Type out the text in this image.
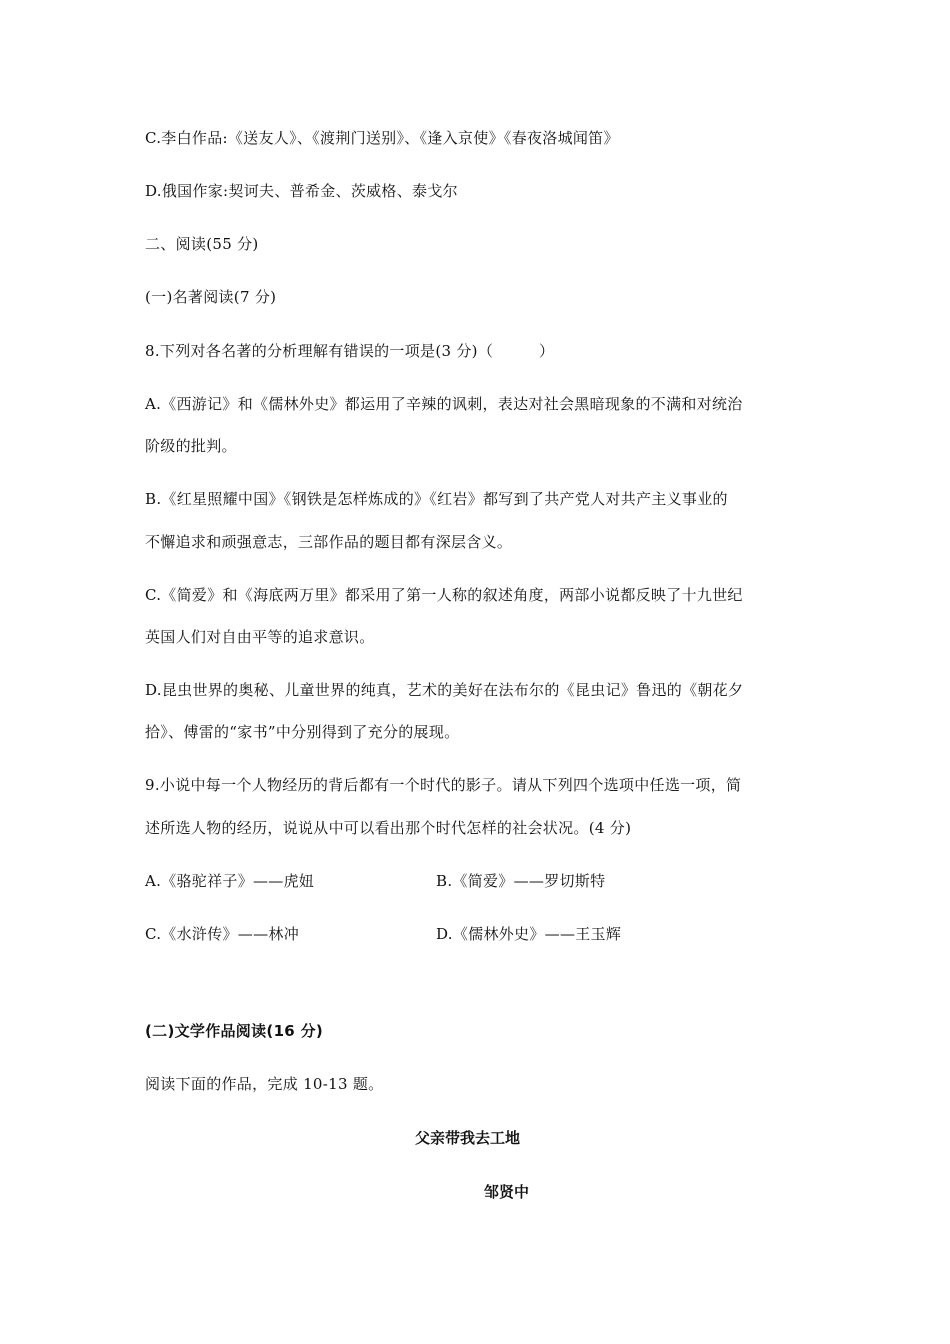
C.李白作品:《送友人》、《渡荆门送别》、《逢入京使》《春夜洛城闻笛》
D.俄国作家:契诃夫、普希金、茨威格、泰戈尔
二、阅读(55 分)
(一)名著阅读(7 分)
8.下列对各名著的分析理解有错误的一项是(3 分)（　　　）
A.《西游记》和《儒林外史》都运用了辛辣的讽刺，表达对社会黑暗现象的不满和对统治
阶级的批判。
B.《红星照耀中国》《钢铁是怎样炼成的》《红岩》都写到了共产党人对共产主义事业的
不懈追求和顽强意志，三部作品的题目都有深层含义。
C.《简爱》和《海底两万里》都采用了第一人称的叙述角度，两部小说都反映了十九世纪
英国人们对自由平等的追求意识。
D.昆虫世界的奥秘、儿童世界的纯真，艺术的美好在法布尔的《昆虫记》鲁迅的《朝花夕
拾》、傅雷的“家书”中分别得到了充分的展现。
9.小说中每一个人物经历的背后都有一个时代的影子。请从下列四个选项中任选一项，简
述所选人物的经历，说说从中可以看出那个时代怎样的社会状况。(4 分)
A.《骆驼祥子》——虎妞	B.《简爱》——罗切斯特
C.《水浒传》——林冲	D.《儒林外史》——王玉辉
(二)文学作品阅读(16 分)
阅读下面的作品，完成 10-13 题。
父亲带我去工地
邹贤中
